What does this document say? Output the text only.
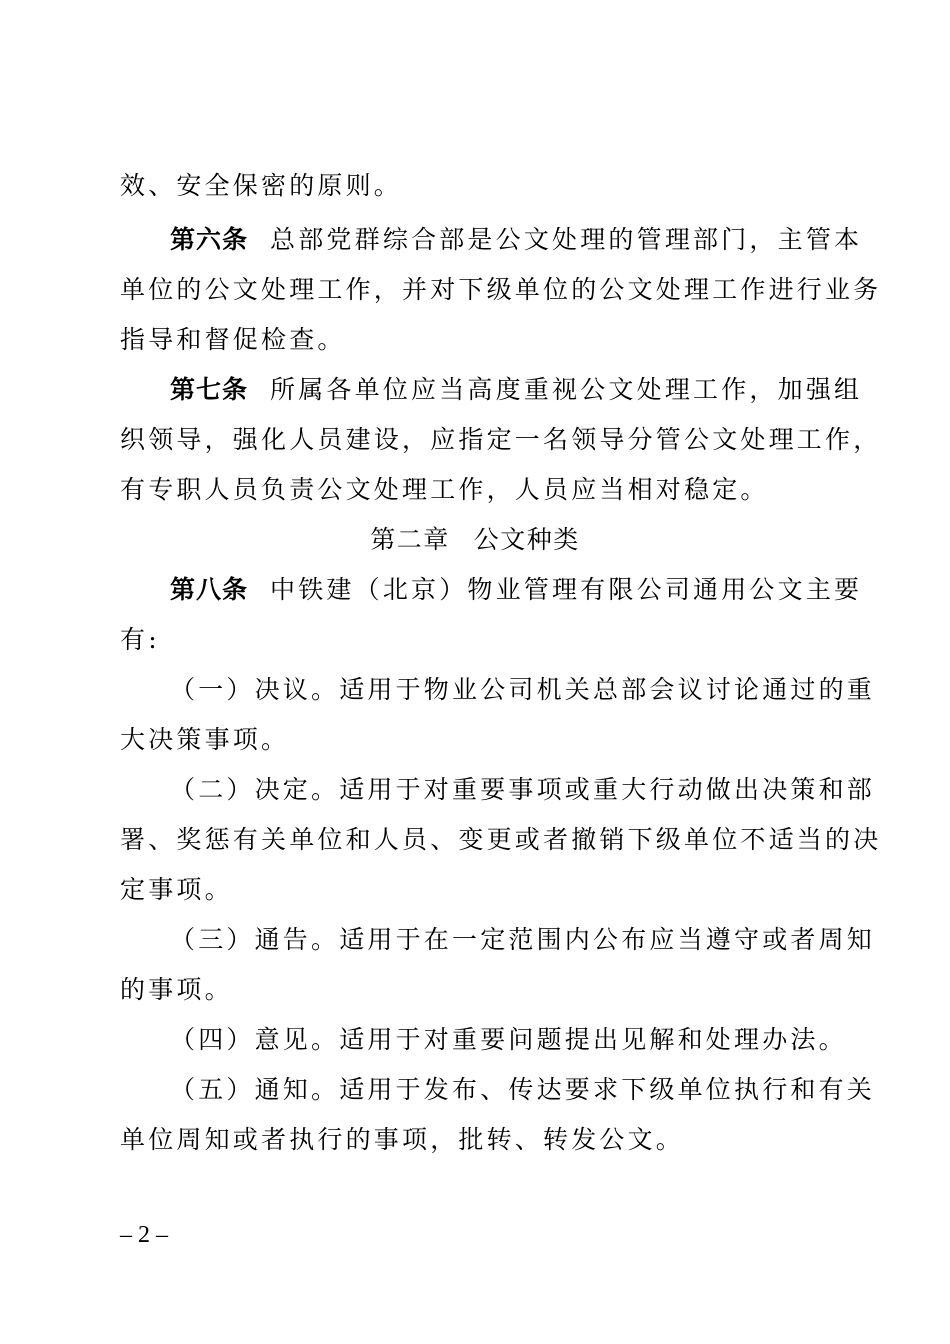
效、安全保密的原则。
第六条 总部党群综合部是公文处理的管理部门，主管本
单位的公文处理工作，并对下级单位的公文处理工作进行业务
指导和督促检查。
第七条 所属各单位应当高度重视公文处理工作，加强组
织领导，强化人员建设，应指定一名领导分管公文处理工作，
有专职人员负责公文处理工作，人员应当相对稳定。
第二章 公文种类
第八条 中铁建（北京）物业管理有限公司通用公文主要
有:
（一）决议。适用于物业公司机关总部会议讨论通过的重
大决策事项。
（二）决定。适用于对重要事项或重大行动做出决策和部
署、奖惩有关单位和人员、变更或者撤销下级单位不适当的决
定事项。
（三）通告。适用于在一定范围内公布应当遵守或者周知
的事项。
（四）意见。适用于对重要问题提出见解和处理办法。
（五）通知。适用于发布、传达要求下级单位执行和有关
单位周知或者执行的事项，批转、转发公文。
– 2 –
